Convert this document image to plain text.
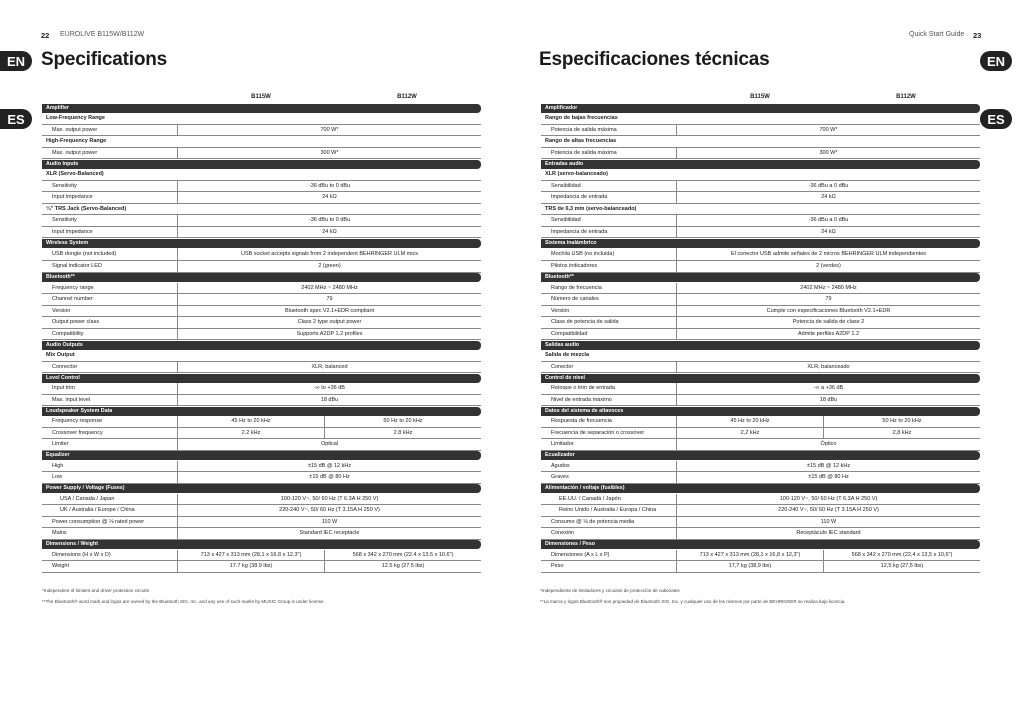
22 EUROLIVE B115W/B112W	Quick Start Guide 23
EN
ES
EN
ES
Specifications	Especificaciones técnicas
B115W	B112W
Amplifier
Low-Frequency Range
Max. output power	700 W*
High-Frequency Range
Max. output power	300 W*
Audio Inputs
XLR (Servo-Balanced)
Sensitivity	-36 dBu to 0 dBu
Input impedance	24 kΩ
¼" TRS Jack (Servo-Balanced)
Sensitivity	-36 dBu to 0 dBu
Input impedance	24 kΩ
Wireless System
USB dongle (not included)	USB socket accepts signals from 2 independent BEHRINGER ULM mics
Signal indicator LED	2 (green)
Bluetooth**
Frequency range	2402 MHz ~ 2480 MHz
Channel number	79
Version	Bluetooth spec V2.1+EDR compliant
Output power class	Class 2 type output power
Compatibility	Supports A2DP 1.2 profiles
Audio Outputs
Mix Output
Connector	XLR, balanced
Level Control
Input trim	-∞ to +36 dB
Max. input level	18 dBu
Loudspeaker System Data
Frequency response	45 Hz to 20 kHz	50 Hz to 20 kHz
Crossover frequency	2.2 kHz	2.8 kHz
Limiter	Optical
Equalizer
High	±15 dB @ 12 kHz
Low	±15 dB @ 80 Hz
Power Supply / Voltage (Fuses)
USA / Canada / Japan	100-120 V~, 50/ 60 Hz (T 6.3A H 250 V)
UK / Australia / Europe / China	220-240 V~, 50/ 60 Hz (T 3.15A H 250 V)
Power consumption @ ⅛ rated power	110 W
Mains	Standard IEC receptacle
Dimensions / Weight
Dimensions (H x W x D)	713 x 427 x 313 mm (28.1 x 16.8 x 12.3")	568 x 342 x 270 mm (22.4 x 13.5 x 10.6")
Weight	17.7 kg (38.9 lbs)	12.5 kg (27.5 lbs)
B115W	B112W
Amplificador
Rango de bajas frecuencias
Potencia de salida máxima	700 W*
Rango de altas frecuencias
Potencia de salida máxima	300 W*
Entradas audio
XLR (servo-balanceado)
Sensibilidad	-36 dBu a 0 dBu
Impedancia de entrada	24 kΩ
TRS de 6,3 mm (servo-balanceado)
Sensibilidad	-36 dBu a 0 dBu
Impedancia de entrada	24 kΩ
Sistema inalámbrico
Mochila USB (no incluida)	El conector USB admite señales de 2 micros BEHRINGER ULM independientes
Pilotos indicadores	2 (verdes)
Bluetooth**
Rango de frecuencia	2402 MHz ~ 2480 MHz
Número de canales	79
Versión	Cumple con especificaciones Bluetooth V2.1+EDR
Clase de potencia de salida	Potencia de salida de clase 2
Compatibilidad	Admite perfiles A2DP 1.2
Salidas audio
Salida de mezcla
Conector	XLR, balanceado
Control de nivel
Retoque o trim de entrada	-∞ a +36 dB
Nivel de entrada máximo	18 dBu
Datos del sistema de altavoces
Respuesta de frecuencia	45 Hz to 20 kHz	50 Hz to 20 kHz
Frecuencia de separación o crossover	2,2 kHz	2,8 kHz
Limitador	Óptico
Ecualizador
Agudos	±15 dB @ 12 kHz
Graves	±15 dB @ 80 Hz
Alimentación / voltaje (fusibles)
EE.UU. / Canadá / Japón	100-120 V~, 50/ 60 Hz (T 6.3A H 250 V)
Reino Unido / Australia / Europa / China	220-240 V~, 50/ 60 Hz (T 3.15A H 250 V)
Consumo @ ⅛ de potencia media	110 W
Conexión	Receptáculo IEC standard
Dimensiones / Peso
Dimensiones (A x L x P)	713 x 427 x 313 mm (28,1 x 16,8 x 12,3")	568 x 342 x 270 mm (22,4 x 13,5 x 10,6")
Peso	17,7 kg (38,9 lbs)	12,5 kg (27,5 lbs)
*Independent of limiters and driver protection circuits
**The Bluetooth® word mark and logos are owned by the Bluetooth SIG, Inc. and any use of such marks by MUSIC Group is under license.
*Independiente de limitadores y circuitos de protección de cabezales
**La marca y logos Bluetooth® son propiedad de Bluetooth SIG, Inc. y cualquier uso de los mismos por parte de BEHRINGER se realiza bajo licencia.
